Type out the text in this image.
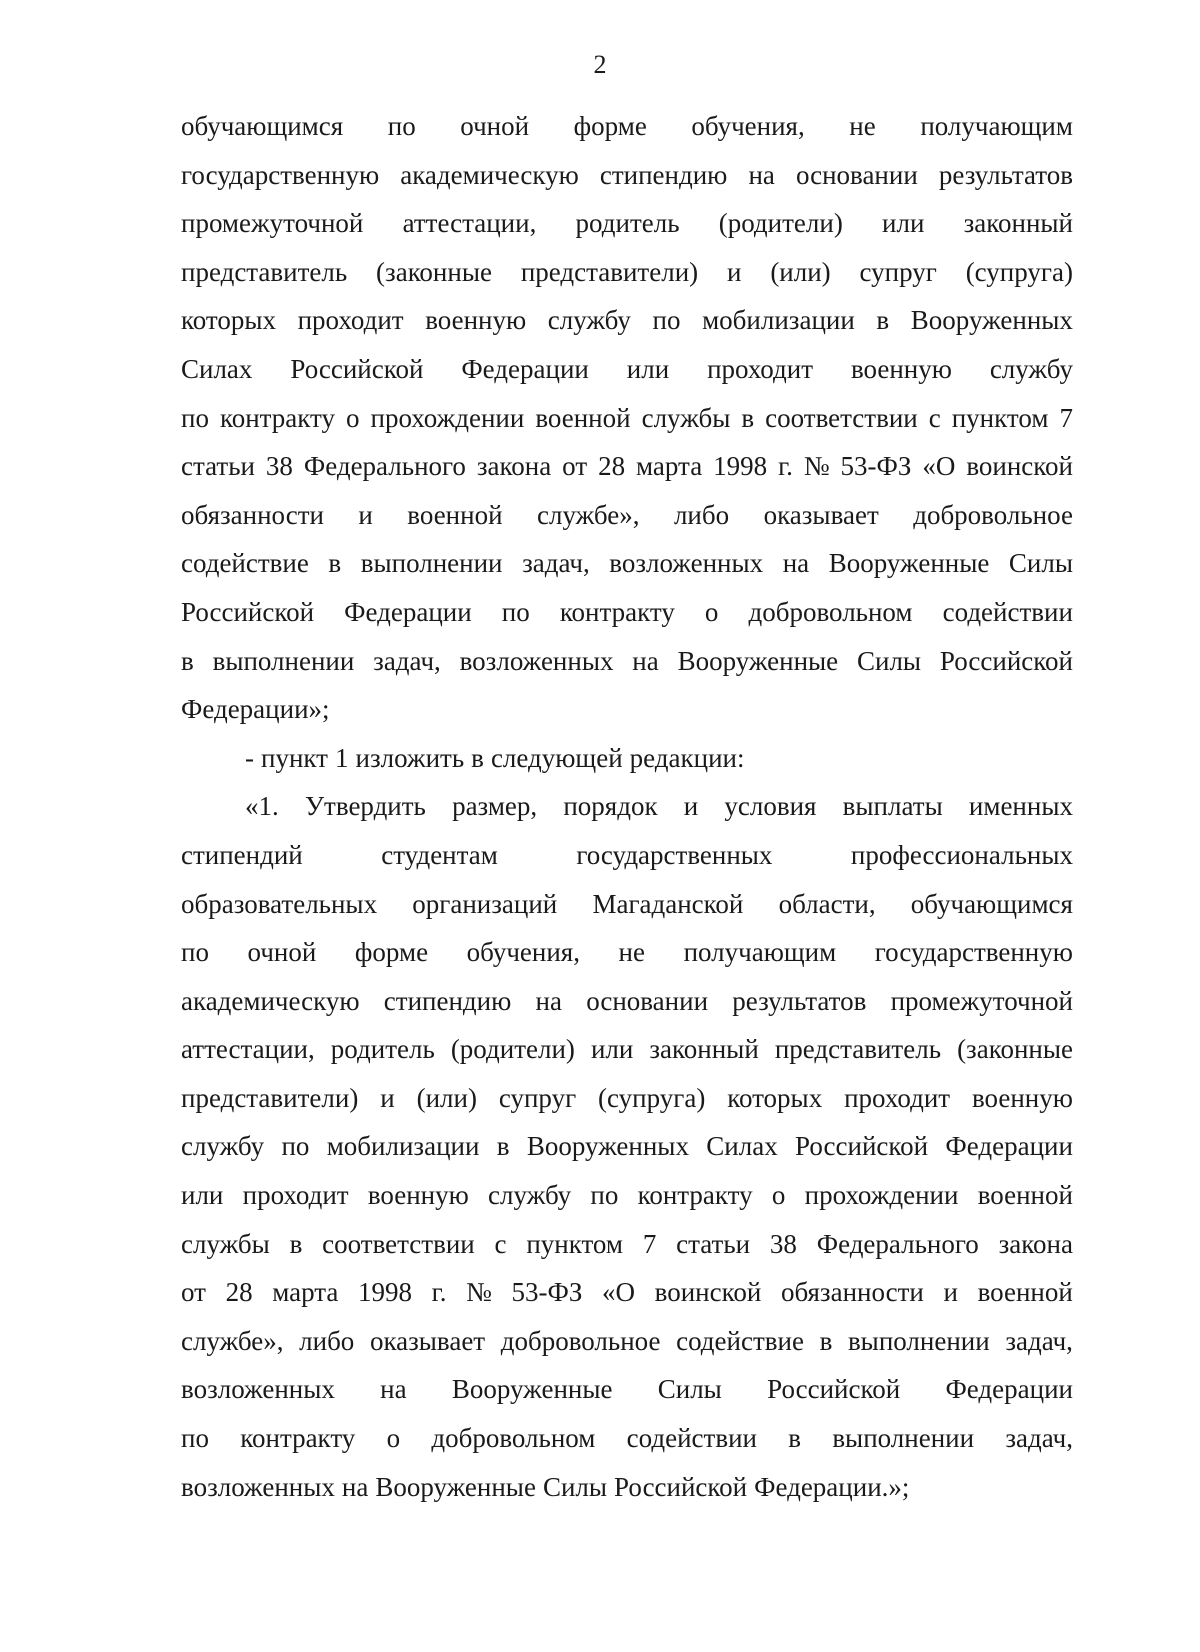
2
обучающимся по очной форме обучения, не получающим
государственную академическую стипендию на основании результатов
промежуточной аттестации, родитель (родители) или законный
представитель (законные представители) и (или) супруг (супруга)
которых проходит военную службу по мобилизации в Вооруженных
Силах Российской Федерации или проходит военную службу
по контракту о прохождении военной службы в соответствии с пунктом 7
статьи 38 Федерального закона от 28 марта 1998 г. № 53-ФЗ «О воинской
обязанности и военной службе», либо оказывает добровольное
содействие в выполнении задач, возложенных на Вооруженные Силы
Российской Федерации по контракту о добровольном содействии
в выполнении задач, возложенных на Вооруженные Силы Российской
Федерации»;
- пункт 1 изложить в следующей редакции:
«1. Утвердить размер, порядок и условия выплаты именных
стипендий	студентам	государственных	профессиональных
образовательных организаций Магаданской области, обучающимся
по очной форме обучения, не получающим государственную
академическую стипендию на основании результатов промежуточной
аттестации, родитель (родители) или законный представитель (законные
представители) и (или) супруг (супруга) которых проходит военную
службу по мобилизации в Вооруженных Силах Российской Федерации
или проходит военную службу по контракту о прохождении военной
службы в соответствии с пунктом 7 статьи 38 Федерального закона
от 28 марта 1998 г. № 53-ФЗ «О воинской обязанности и военной
службе», либо оказывает добровольное содействие в выполнении задач,
возложенных на Вооруженные Силы Российской Федерации
по контракту о добровольном содействии в выполнении задач,
возложенных на Вооруженные Силы Российской Федерации.»;
